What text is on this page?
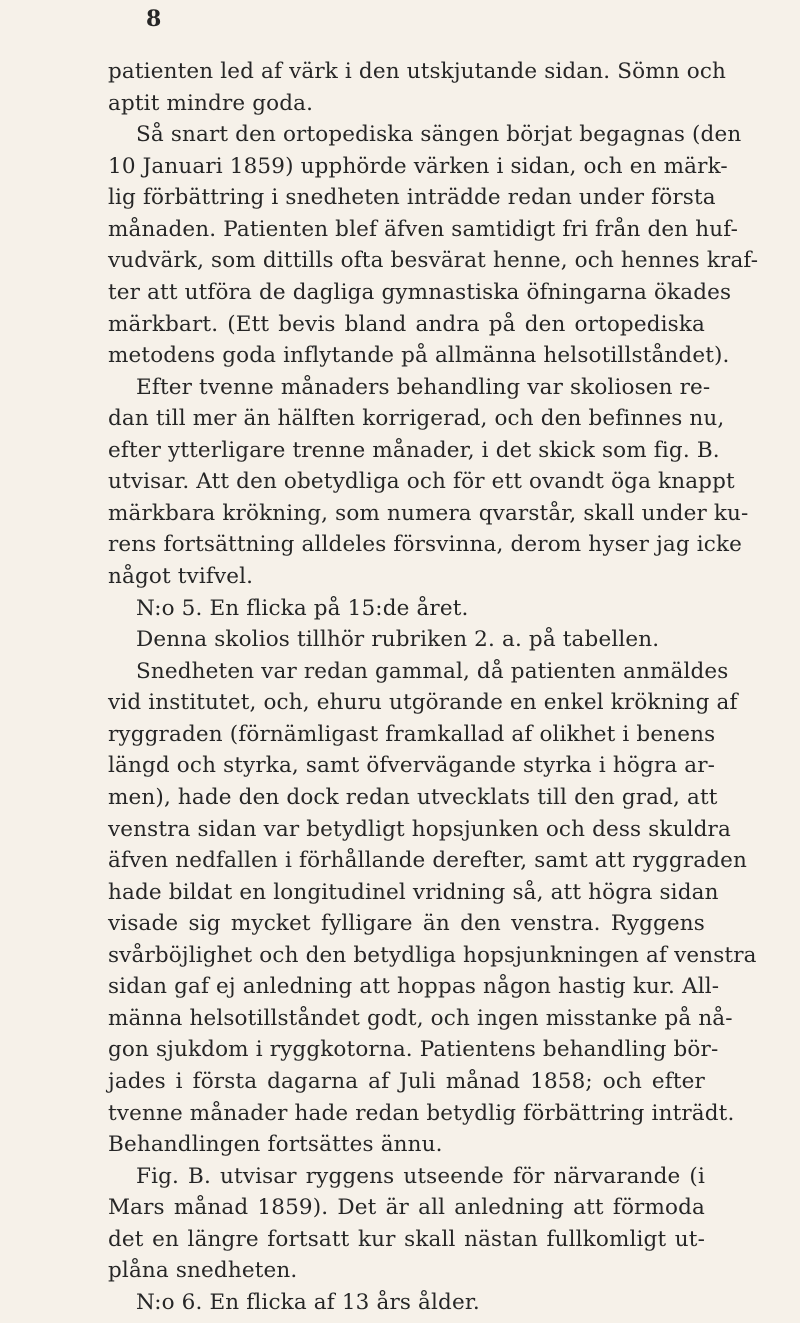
8
patienten led af värk i den utskjutande sidan. Sömn och
aptit mindre goda.
Så snart den ortopediska sängen börjat begagnas (den
10 Januari 1859) upphörde värken i sidan, och en märk-
lig förbättring i snedheten inträdde redan under första
månaden. Patienten blef äfven samtidigt fri från den huf-
vudvärk, som dittills ofta besvärat henne, och hennes kraf-
ter att utföra de dagliga gymnastiska öfningarna ökades
märkbart. (Ett bevis bland andra på den ortopediska
metodens goda inflytande på allmänna helsotillståndet).
Efter tvenne månaders behandling var skoliosen re-
dan till mer än hälften korrigerad, och den befinnes nu,
efter ytterligare trenne månader, i det skick som fig. B.
utvisar. Att den obetydliga och för ett ovandt öga knappt
märkbara krökning, som numera qvarstår, skall under ku-
rens fortsättning alldeles försvinna, derom hyser jag icke
något tvifvel.
N:o 5. En flicka på 15:de året.
Denna skolios tillhör rubriken 2. a. på tabellen.
Snedheten var redan gammal, då patienten anmäldes
vid institutet, och, ehuru utgörande en enkel krökning af
ryggraden (förnämligast framkallad af olikhet i benens
längd och styrka, samt öfvervägande styrka i högra ar-
men), hade den dock redan utvecklats till den grad, att
venstra sidan var betydligt hopsjunken och dess skuldra
äfven nedfallen i förhållande derefter, samt att ryggraden
hade bildat en longitudinel vridning så, att högra sidan
visade sig mycket fylligare än den venstra. Ryggens
svårböjlighet och den betydliga hopsjunkningen af venstra
sidan gaf ej anledning att hoppas någon hastig kur. All-
männa helsotillståndet godt, och ingen misstanke på nå-
gon sjukdom i ryggkotorna. Patientens behandling bör-
jades i första dagarna af Juli månad 1858; och efter
tvenne månader hade redan betydlig förbättring inträdt.
Behandlingen fortsättes ännu.
Fig. B. utvisar ryggens utseende för närvarande (i
Mars månad 1859). Det är all anledning att förmoda
det en längre fortsatt kur skall nästan fullkomligt ut-
plåna snedheten.
N:o 6. En flicka af 13 års ålder.
